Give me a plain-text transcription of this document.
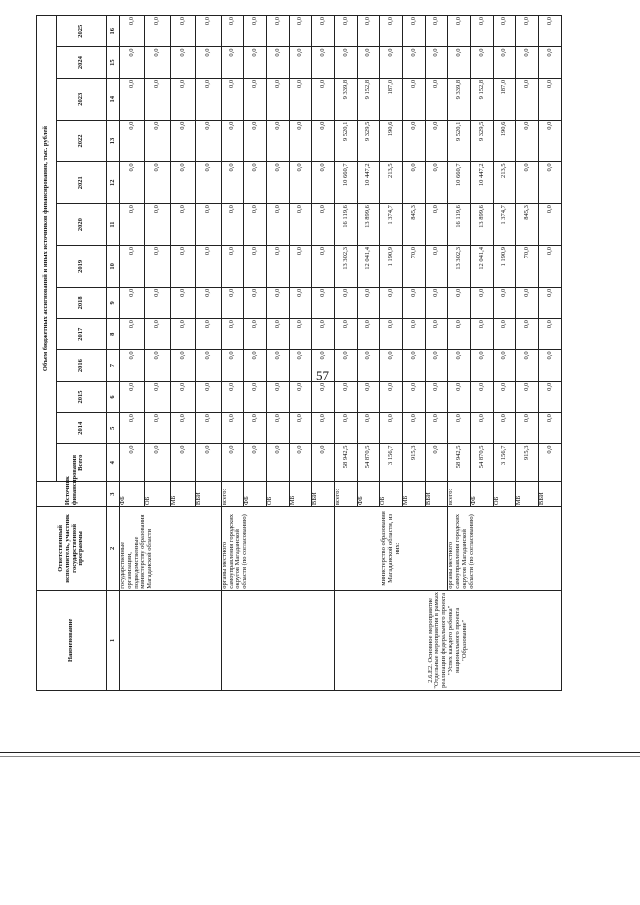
57
Наименование	Ответственный исполнитель, участник государственной программы	Источник финансирования	Объем бюджетных ассигнований и иных источников финансирования, тыс. рублей												
			Всего	2014	2015	2016	2017	2018	2019	2020	2021	2022	2023	2024	2025
1	2	3	4	5	6	7	8	9	10	11	12	13	14	15	16
	государственные организации, подведомственные министерству образования Магаданской области	ФБ	0,0	0,0	0,0	0,0	0,0	0,0	0,0	0,0	0,0	0,0	0,0	0,0	0,0
		ОБ	0,0	0,0	0,0	0,0	0,0	0,0	0,0	0,0	0,0	0,0	0,0	0,0	0,0
		МБ	0,0	0,0	0,0	0,0	0,0	0,0	0,0	0,0	0,0	0,0	0,0	0,0	0,0
		ВБИ	0,0	0,0	0,0	0,0	0,0	0,0	0,0	0,0	0,0	0,0	0,0	0,0	0,0
	органы местного самоуправления городских округов Магаданской области (по согласованию)	всего:	0,0	0,0	0,0	0,0	0,0	0,0	0,0	0,0	0,0	0,0	0,0	0,0	0,0
		ФБ	0,0	0,0	0,0	0,0	0,0	0,0	0,0	0,0	0,0	0,0	0,0	0,0	0,0
		ОБ	0,0	0,0	0,0	0,0	0,0	0,0	0,0	0,0	0,0	0,0	0,0	0,0	0,0
		МБ	0,0	0,0	0,0	0,0	0,0	0,0	0,0	0,0	0,0	0,0	0,0	0,0	0,0
		ВБИ	0,0	0,0	0,0	0,0	0,0	0,0	0,0	0,0	0,0	0,0	0,0	0,0	0,0
2.6.Е2. Основное мероприятие "Отдельные мероприятия в рамках реализации федерального проекта "Успех каждого ребенка" национального проекта "Образование"	министерство образования Магаданской области, из них:	всего:	58 942,5	0,0	0,0	0,0	0,0	0,0	13 302,3	16 119,6	10 660,7	9 520,1	9 339,8	0,0	0,0
		ФБ	54 870,5	0,0	0,0	0,0	0,0	0,0	12 041,4	13 899,6	10 447,2	9 329,5	9 152,8	0,0	0,0
		ОБ	3 156,7	0,0	0,0	0,0	0,0	0,0	1 190,9	1 374,7	213,5	190,6	187,0	0,0	0,0
		МБ	915,3	0,0	0,0	0,0	0,0	0,0	70,0	845,3	0,0	0,0	0,0	0,0	0,0
		ВБИ	0,0	0,0	0,0	0,0	0,0	0,0	0,0	0,0	0,0	0,0	0,0	0,0	0,0
	органы местного самоуправления городских округов Магаданской области (по согласованию)	всего:	58 942,5	0,0	0,0	0,0	0,0	0,0	13 302,3	16 119,6	10 660,7	9 520,1	9 339,8	0,0	0,0
		ФБ	54 870,5	0,0	0,0	0,0	0,0	0,0	12 041,4	13 899,6	10 447,2	9 329,5	9 152,8	0,0	0,0
		ОБ	3 156,7	0,0	0,0	0,0	0,0	0,0	1 190,9	1 374,7	213,5	190,6	187,0	0,0	0,0
		МБ	915,3	0,0	0,0	0,0	0,0	0,0	70,0	845,3	0,0	0,0	0,0	0,0	0,0
		ВБИ	0,0	0,0	0,0	0,0	0,0	0,0	0,0	0,0	0,0	0,0	0,0	0,0	0,0
